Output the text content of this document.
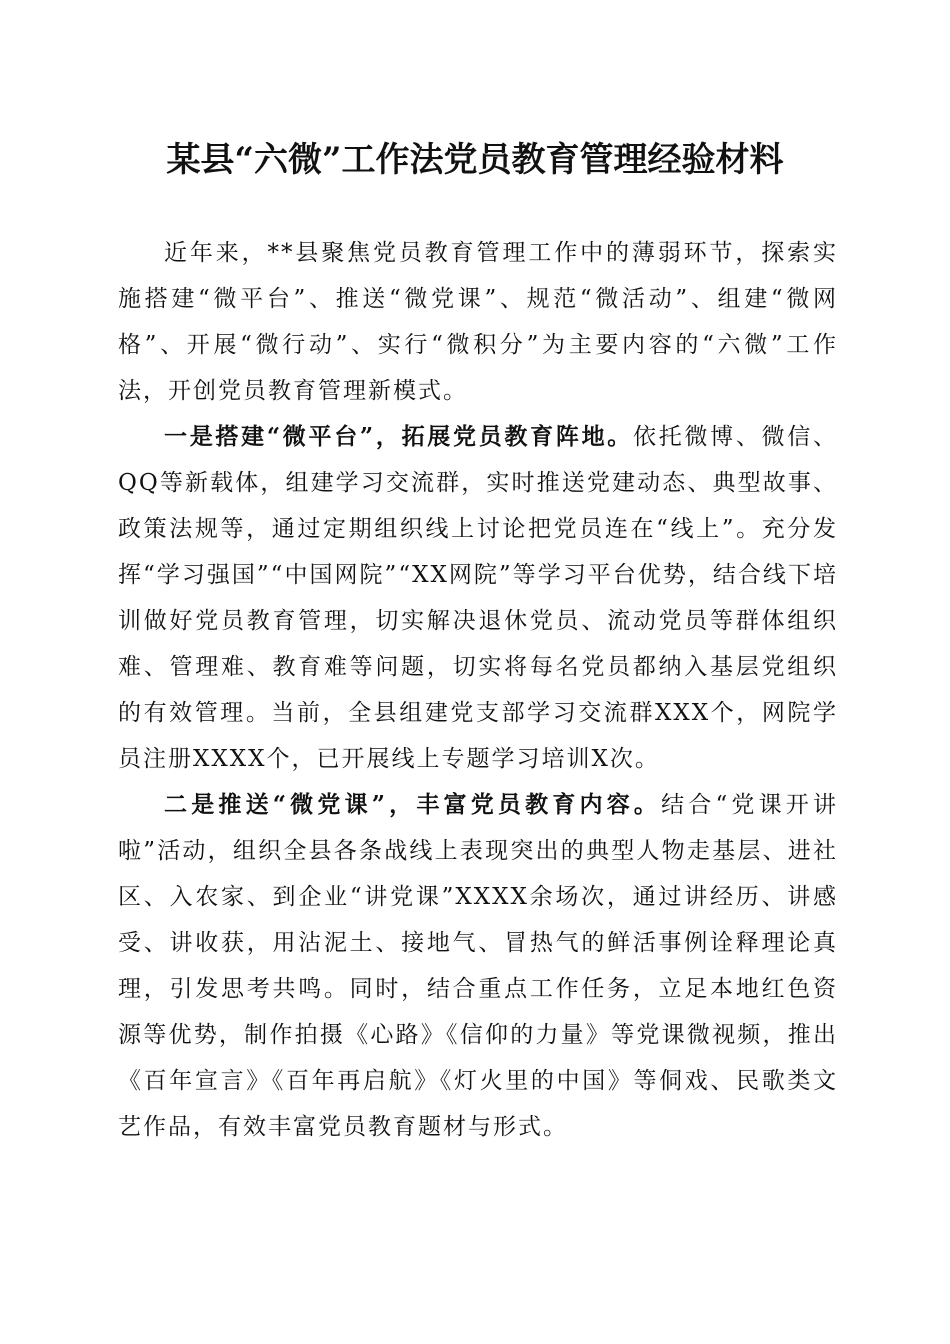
某县“六微”工作法党员教育管理经验材料

近年来，**县聚焦党员教育管理工作中的薄弱环节，探索实施搭建“微平台”、推送“微党课”、规范“微活动”、组建“微网格”、开展“微行动”、实行“微积分”为主要内容的“六微”工作法，开创党员教育管理新模式。

一是搭建“微平台”，拓展党员教育阵地。依托微博、微信、QQ等新载体，组建学习交流群，实时推送党建动态、典型故事、政策法规等，通过定期组织线上讨论把党员连在“线上”。充分发挥“学习强国”“中国网院”“XX网院”等学习平台优势，结合线下培训做好党员教育管理，切实解决退休党员、流动党员等群体组织难、管理难、教育难等问题，切实将每名党员都纳入基层党组织的有效管理。当前，全县组建党支部学习交流群XXX个，网院学员注册XXXX个，已开展线上专题学习培训X次。

二是推送“微党课”，丰富党员教育内容。结合“党课开讲啦”活动，组织全县各条战线上表现突出的典型人物走基层、进社区、入农家、到企业“讲党课”XXXX余场次，通过讲经历、讲感受、讲收获，用沾泥土、接地气、冒热气的鲜活事例诠释理论真理，引发思考共鸣。同时，结合重点工作任务，立足本地红色资源等优势，制作拍摄《心路》《信仰的力量》等党课微视频，推出《百年宣言》《百年再启航》《灯火里的中国》等侗戏、民歌类文艺作品，有效丰富党员教育题材与形式。
